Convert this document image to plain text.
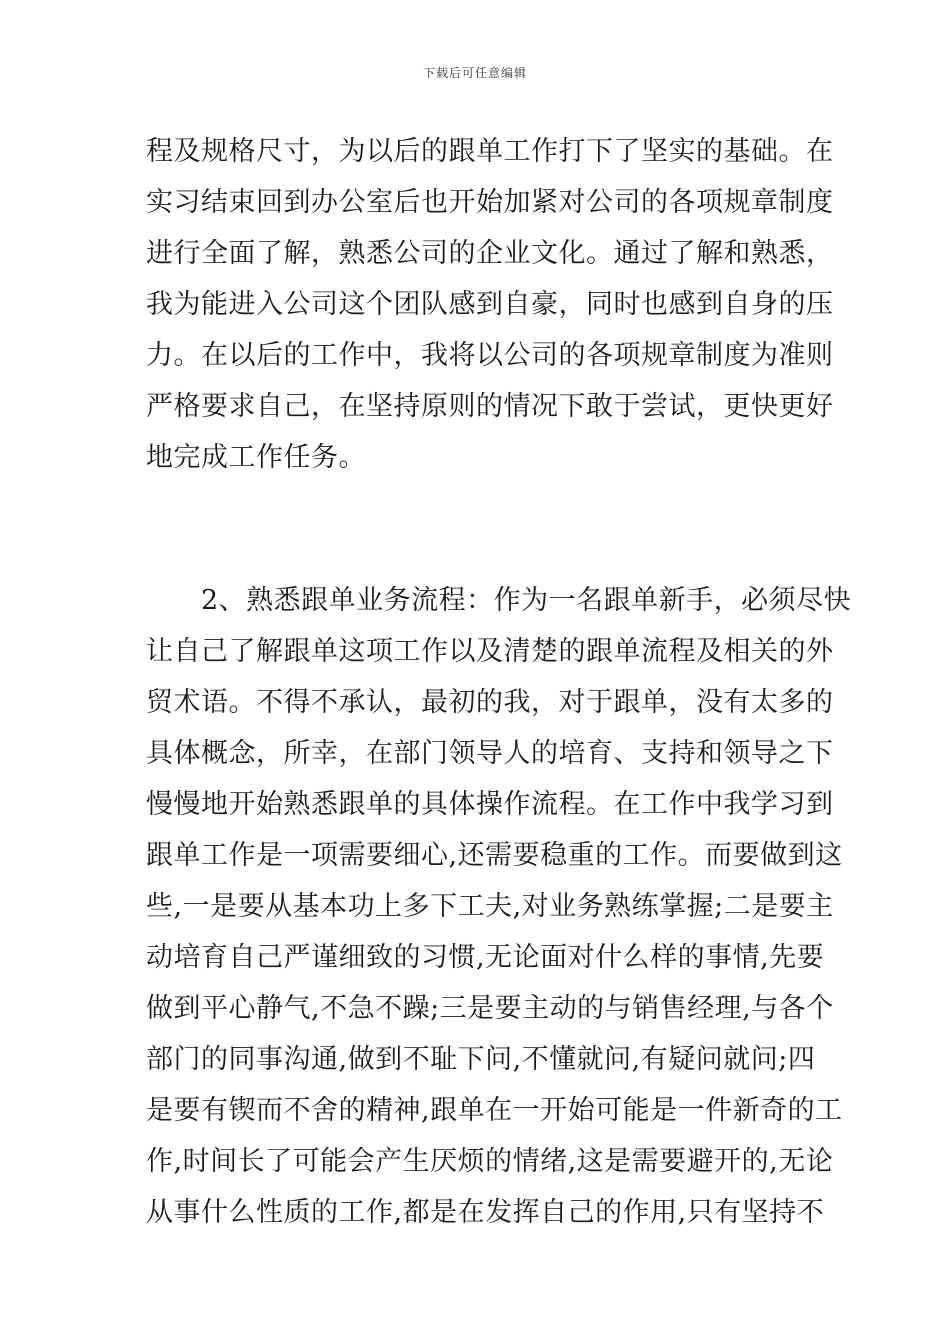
下载后可任意编辑
程及规格尺寸，为以后的跟单工作打下了坚实的基础。在
实习结束回到办公室后也开始加紧对公司的各项规章制度
进行全面了解，熟悉公司的企业文化。通过了解和熟悉，
我为能进入公司这个团队感到自豪，同时也感到自身的压
力。在以后的工作中，我将以公司的各项规章制度为准则
严格要求自己，在坚持原则的情况下敢于尝试，更快更好
地完成工作任务。
　　2、熟悉跟单业务流程：作为一名跟单新手，必须尽快
让自己了解跟单这项工作以及清楚的跟单流程及相关的外
贸术语。不得不承认，最初的我，对于跟单，没有太多的
具体概念，所幸，在部门领导人的培育、支持和领导之下
慢慢地开始熟悉跟单的具体操作流程。在工作中我学习到
跟单工作是一项需要细心,还需要稳重的工作。而要做到这
些,一是要从基本功上多下工夫,对业务熟练掌握;二是要主
动培育自己严谨细致的习惯,无论面对什么样的事情,先要
做到平心静气,不急不躁;三是要主动的与销售经理,与各个
部门的同事沟通,做到不耻下问,不懂就问,有疑问就问;四
是要有锲而不舍的精神,跟单在一开始可能是一件新奇的工
作,时间长了可能会产生厌烦的情绪,这是需要避开的,无论
从事什么性质的工作,都是在发挥自己的作用,只有坚持不
